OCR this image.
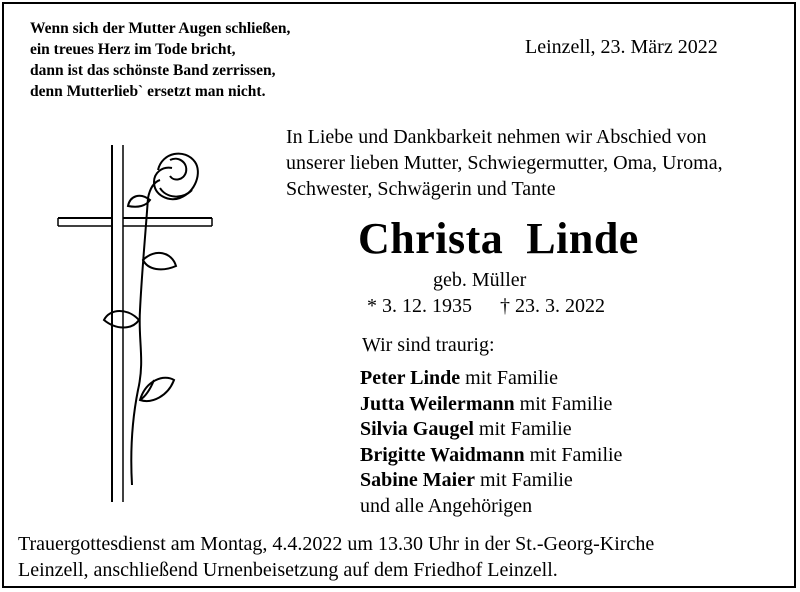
Wenn sich der Mutter Augen schließen,
ein treues Herz im Tode bricht,
dann ist das schönste Band zerrissen,
denn Mutterlieb` ersetzt man nicht.
Leinzell, 23. März 2022
In Liebe und Dankbarkeit nehmen wir Abschied von
unserer lieben Mutter, Schwiegermutter, Oma, Uroma,
Schwester, Schwägerin und Tante
Christa  Linde
geb. Müller
* 3. 12. 1935 † 23. 3. 2022
Wir sind traurig:
Peter Linde mit Familie
Jutta Weilermann mit Familie
Silvia Gaugel mit Familie
Brigitte Waidmann mit Familie
Sabine Maier mit Familie
und alle Angehörigen
Trauergottesdienst am Montag, 4.4.2022 um 13.30 Uhr in der St.-Georg-Kirche
Leinzell, anschließend Urnenbeisetzung auf dem Friedhof Leinzell.
